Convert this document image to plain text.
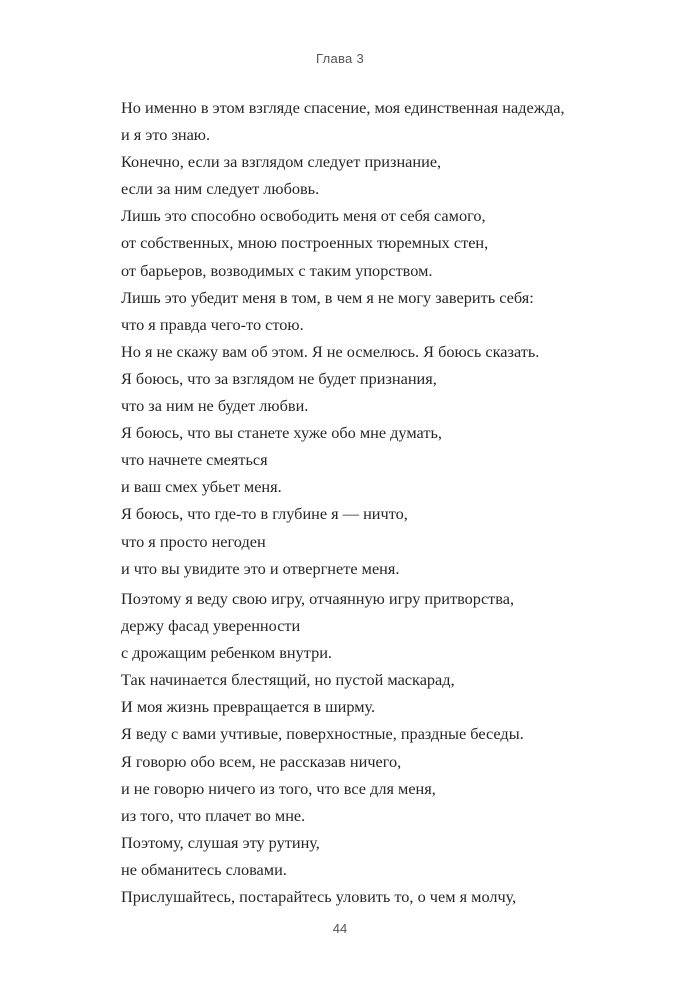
Глава 3
Но именно в этом взгляде спасение, моя единственная надежда,
и я это знаю.
Конечно, если за взглядом следует признание,
если за ним следует любовь.
Лишь это способно освободить меня от себя самого,
от собственных, мною построенных тюремных стен,
от барьеров, возводимых с таким упорством.
Лишь это убедит меня в том, в чем я не могу заверить себя:
что я правда чего-то стою.
Но я не скажу вам об этом. Я не осмелюсь. Я боюсь сказать.
Я боюсь, что за взглядом не будет признания,
что за ним не будет любви.
Я боюсь, что вы станете хуже обо мне думать,
что начнете смеяться
и ваш смех убьет меня.
Я боюсь, что где-то в глубине я — ничто,
что я просто негоден
и что вы увидите это и отвергнете меня.
Поэтому я веду свою игру, отчаянную игру притворства,
держу фасад уверенности
с дрожащим ребенком внутри.
Так начинается блестящий, но пустой маскарад,
И моя жизнь превращается в ширму.
Я веду с вами учтивые, поверхностные, праздные беседы.
Я говорю обо всем, не рассказав ничего,
и не говорю ничего из того, что все для меня,
из того, что плачет во мне.
Поэтому, слушая эту рутину,
не обманитесь словами.
Прислушайтесь, постарайтесь уловить то, о чем я молчу,
44
